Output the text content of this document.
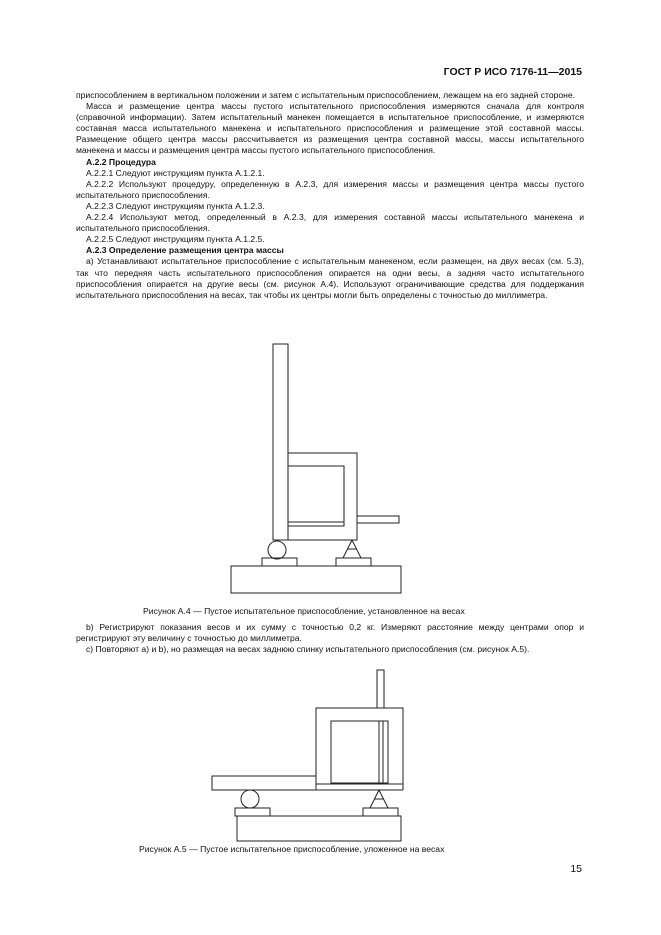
ГОСТ Р ИСО 7176-11—2015

приспособлением в вертикальном положении и затем с испытательным приспособлением, лежащем на его задней стороне.

Масса и размещение центра массы пустого испытательного приспособления измеряются сначала для контроля (справочной информации). Затем испытательный манекен помещается в испытательное приспособление, и измеряются составная масса испытательного манекена и испытательного приспособления и размещение этой составной массы. Размещение общего центра массы рассчитывается из размещения центра составной массы, массы испытательного манекена и массы и размещения центра массы пустого испытательного приспособления.

А.2.2 Процедура

А.2.2.1 Следуют инструкциям пункта А.1.2.1.

А.2.2.2 Используют процедуру, определенную в А.2.3, для измерения массы и размещения центра массы пустого испытательного приспособления.

А.2.2.3 Следуют инструкциям пункта А.1.2.3.

А.2.2.4 Используют метод, определенный в А.2.3, для измерения составной массы испытательного манекена и испытательного приспособления.

А.2.2.5 Следуют инструкциям пункта А.1.2.5.

А.2.3 Определение размещения центра массы

а) Устанавливают испытательное приспособление с испытательным манекеном, если размещен, на двух весах (см. 5.3), так что передняя часть испытательного приспособления опирается на одни весы, а задняя часто испытательного приспособления опирается на другие весы (см. рисунок А.4). Используют ограничивающие средства для поддержания испытательного приспособления на весах, так чтобы их центры могли быть определены с точностью до миллиметра.

Рисунок А.4 — Пустое испытательное приспособление, установленное на весах

b) Регистрируют показания весов и их сумму с точностью 0,2 кг. Измеряют расстояние между центрами опор и регистрируют эту величину с точностью до миллиметра.

с) Повторяют а) и b), но размещая на весах заднюю спинку испытательного приспособления (см. рисунок А.5).

Рисунок А.5 — Пустое испытательное приспособление, уложенное на весах
15
